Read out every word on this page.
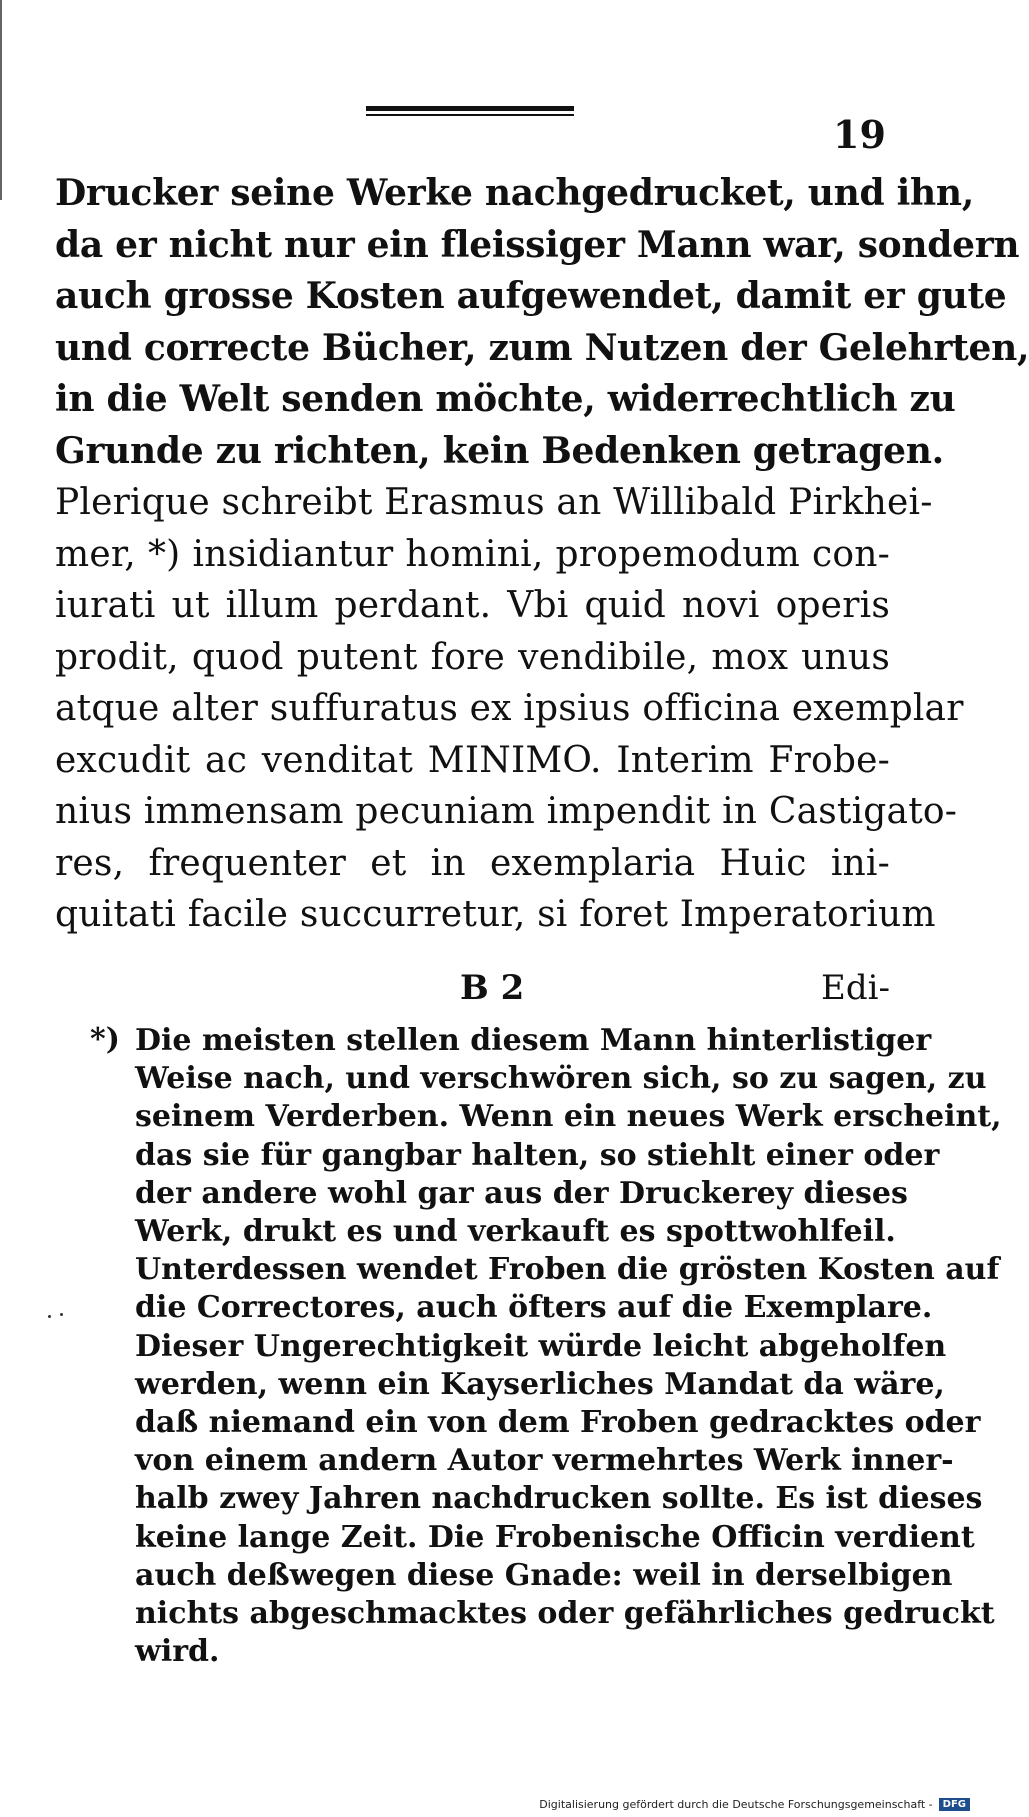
19
Drucker seine Werke nachgedrucket, und ihn,
da er nicht nur ein fleissiger Mann war, sondern
auch grosse Kosten aufgewendet, damit er gute
und correcte Bücher, zum Nutzen der Gelehrten,
in die Welt senden möchte, widerrechtlich zu
Grunde zu richten, kein Bedenken getragen.
Plerique schreibt Erasmus an Willibald Pirkhei-
mer, *) insidiantur homini, propemodum con-
iurati ut illum perdant. Vbi quid novi operis
prodit, quod putent fore vendibile, mox unus
atque alter suffuratus ex ipsius officina exemplar
excudit ac venditat MINIMO. Interim Frobe-
nius immensam pecuniam impendit in Castigato-
res, frequenter et in exemplaria Huic ini-
quitati facile succurretur, si foret Imperatorium
B 2	Edi-
*) Die meisten stellen diesem Mann hinterlistiger
Weise nach, und verschwören sich, so zu sagen, zu
seinem Verderben. Wenn ein neues Werk erscheint,
das sie für gangbar halten, so stiehlt einer oder
der andere wohl gar aus der Druckerey dieses
Werk, drukt es und verkauft es spottwohlfeil.
Unterdessen wendet Froben die grösten Kosten auf
die Correctores, auch öfters auf die Exemplare.
Dieser Ungerechtigkeit würde leicht abgeholfen
werden, wenn ein Kayserliches Mandat da wäre,
daß niemand ein von dem Froben gedracktes oder
von einem andern Autor vermehrtes Werk inner-
halb zwey Jahren nachdrucken sollte. Es ist dieses
keine lange Zeit. Die Frobenische Officin verdient
auch deßwegen diese Gnade: weil in derselbigen
nichts abgeschmacktes oder gefährliches gedruckt
wird.
Digitalisierung gefördert durch die Deutsche Forschungsgemeinschaft -	DFG
